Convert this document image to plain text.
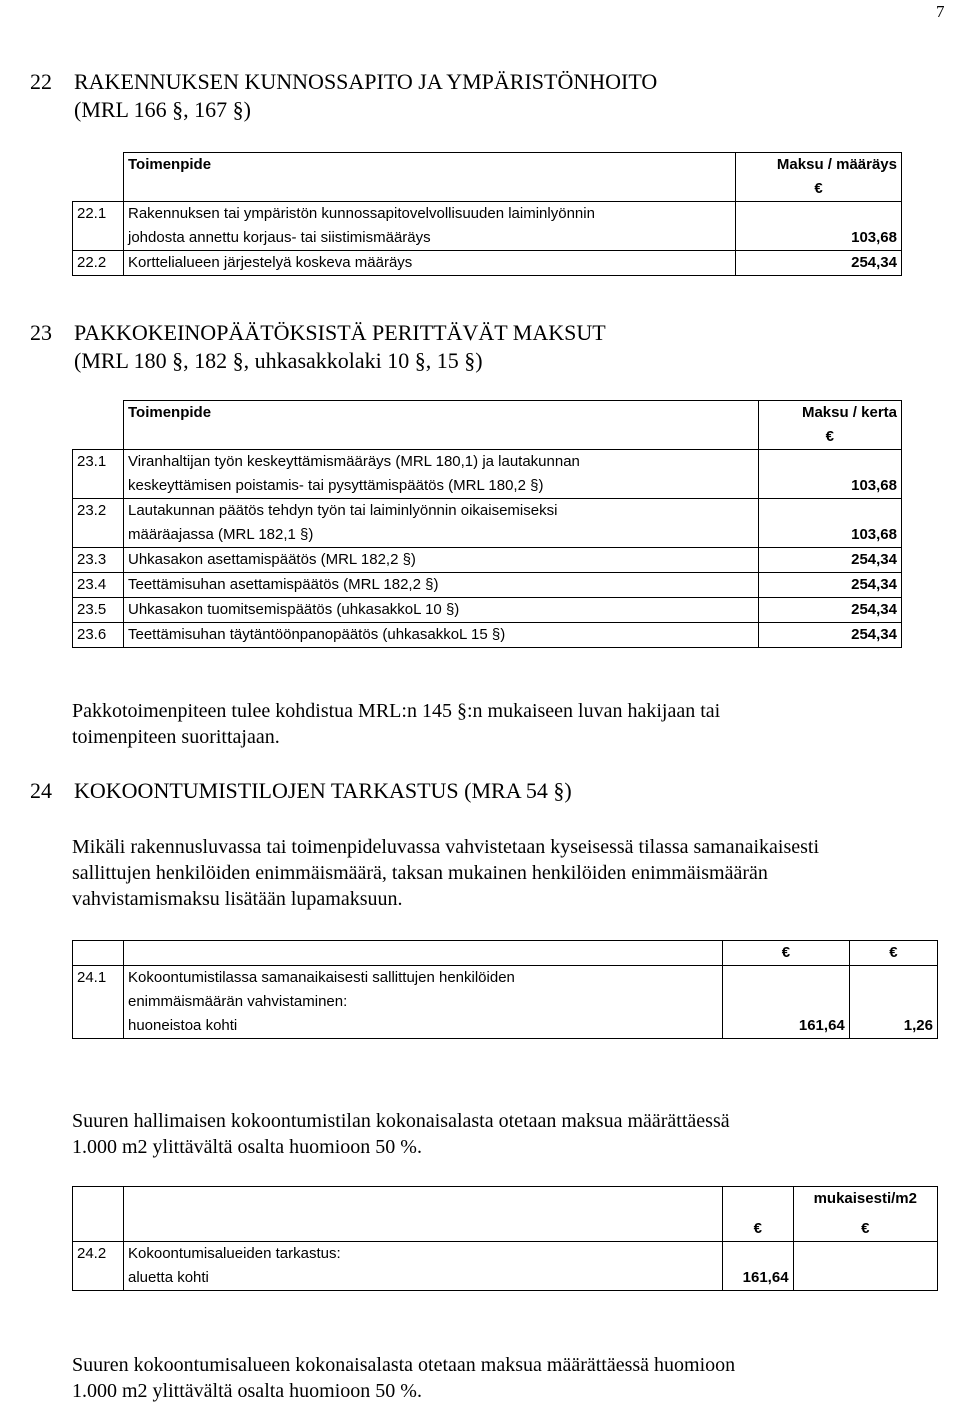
7
22 RAKENNUKSEN KUNNOSSAPITO JA YMPÄRISTÖNHOITO
(MRL 166 §, 167 §)
	Toimenpide	Maksu / määräys
		€
22.1	Rakennuksen tai ympäristön kunnossapitovelvollisuuden laiminlyönnin	
	johdosta annettu korjaus- tai siistimismääräys	103,68
22.2	Korttelialueen järjestelyä koskeva määräys	254,34
23 PAKKOKEINOPÄÄTÖKSISTÄ PERITTÄVÄT MAKSUT
(MRL 180 §, 182 §, uhkasakkolaki 10 §, 15 §)
	Toimenpide	Maksu / kerta
		€
23.1	Viranhaltijan työn keskeyttämismääräys (MRL 180,1) ja lautakunnan	
	keskeyttämisen poistamis- tai pysyttämispäätös (MRL 180,2 §)	103,68
23.2	Lautakunnan päätös tehdyn työn tai laiminlyönnin oikaisemiseksi	
	määräajassa (MRL 182,1 §)	103,68
23.3	Uhkasakon asettamispäätös (MRL 182,2 §)	254,34
23.4	Teettämisuhan asettamispäätös (MRL 182,2 §)	254,34
23.5	Uhkasakon tuomitsemispäätös (uhkasakkoL 10 §)	254,34
23.6	Teettämisuhan täytäntöönpanopäätös (uhkasakkoL 15 §)	254,34
Pakkotoimenpiteen tulee kohdistua MRL:n 145 §:n mukaiseen luvan hakijaan tai
toimenpiteen suorittajaan.
24 KOKOONTUMISTILOJEN TARKASTUS (MRA 54 §)
Mikäli rakennusluvassa tai toimenpideluvassa vahvistetaan kyseisessä tilassa samanaikaisesti
sallittujen henkilöiden enimmäismäärä, taksan mukainen henkilöiden enimmäismäärän
vahvistamismaksu lisätään lupamaksuun.
		€	€
24.1	Kokoontumistilassa samanaikaisesti sallittujen henkilöiden		
	enimmäismäärän vahvistaminen:		
	huoneistoa kohti	161,64	1,26
Suuren hallimaisen kokoontumistilan kokonaisalasta otetaan maksua määrättäessä
1.000 m2 ylittävältä osalta huomioon 50 %.
			mukaisesti/m2
		€	€
24.2	Kokoontumisalueiden tarkastus:		
	aluetta kohti	161,64	
Suuren kokoontumisalueen kokonaisalasta otetaan maksua määrättäessä huomioon
1.000 m2 ylittävältä osalta huomioon 50 %.
